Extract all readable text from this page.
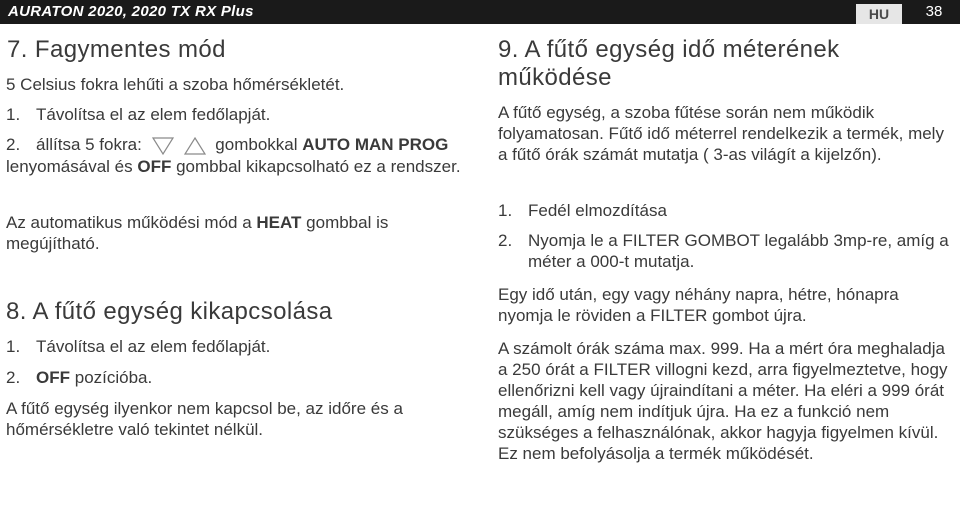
AURATON 2020, 2020 TX RX Plus	HU	38
7. Fagymentes mód
5 Celsius fokra lehűti a szoba hőmérsékletét.
1. Távolítsa el az elem fedőlapját.
2. állítsa 5 fokra:	gombokkal AUTO MAN PROG lenyomásával és OFF gombbal kikapcsolható ez a rendszer.
Az automatikus működési mód a HEAT gombbal is megújítható.
8. A fűtő egység kikapcsolása
1. Távolítsa el az elem fedőlapját.
2. OFF pozícióba.
A fűtő egység ilyenkor nem kapcsol be, az időre és a hőmérsékletre való tekintet nélkül.
9. A fűtő egység idő méterének működése
A fűtő egység, a szoba fűtése során nem működik folyamatosan. Fűtő idő méterrel rendelkezik a termék, mely a fűtő órák számát mutatja ( 3-as világít a kijelzőn).
1. Fedél elmozdítása
2. Nyomja le a FILTER GOMBOT legalább 3mp-re, amíg a méter a 000-t mutatja.
Egy idő után, egy vagy néhány napra, hétre, hónapra nyomja le röviden a FILTER gombot újra.
A számolt órák száma max. 999. Ha a mért óra meghaladja a 250 órát a FILTER villogni kezd, arra figyelmeztetve, hogy ellenőrizni kell vagy újraindítani a méter. Ha eléri a 999 órát megáll, amíg nem indítjuk újra. Ha ez a funkció nem szükséges a felhasználónak, akkor hagyja figyelmen kívül. Ez nem befolyásolja a termék működését.
